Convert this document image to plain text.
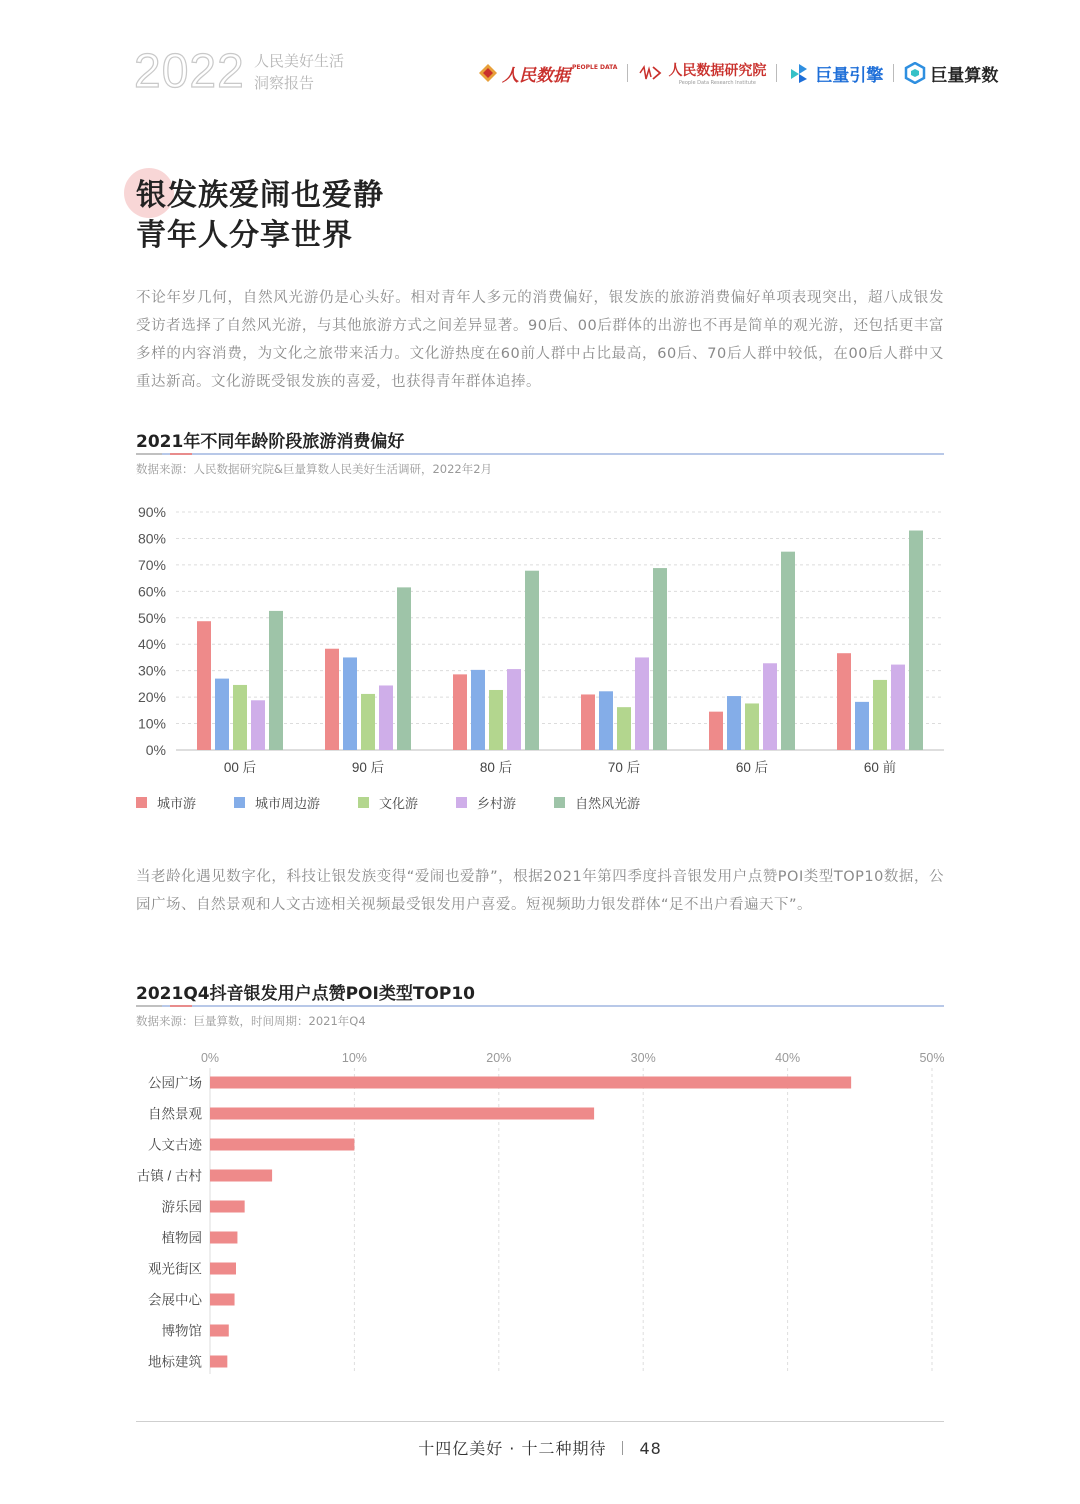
2022 人民美好生活
洞察报告	人民数据 PEOPLE DATA	人民数据研究院
People Data Research Institute	巨量引擎	巨量算数
银发族爱闹也爱静
青年人分享世界
不论年岁几何，自然风光游仍是心头好。相对青年人多元的消费偏好，银发族的旅游消费偏好单项表现突出，超八成银发受访者选择了自然风光游，与其他旅游方式之间差异显著。90后、00后群体的出游也不再是简单的观光游，还包括更丰富多样的内容消费，为文化之旅带来活力。文化游热度在60前人群中占比最高，60后、70后人群中较低，在00后人群中又重达新高。文化游既受银发族的喜爱，也获得青年群体追捧。
2021年不同年龄阶段旅游消费偏好
数据来源：人民数据研究院&巨量算数人民美好生活调研，2022年2月
0%
10%
20%
30%
40%
50%
60%
70%
80%
90%
00 后	90 后	80 后	70 后	60 后	60 前
城市游	城市周边游	文化游	乡村游	自然风光游
当老龄化遇见数字化，科技让银发族变得“爱闹也爱静”，根据2021年第四季度抖音银发用户点赞POI类型TOP10数据，公园广场、自然景观和人文古迹相关视频最受银发用户喜爱。短视频助力银发群体“足不出户看遍天下”。
2021Q4抖音银发用户点赞POI类型TOP10
数据来源：巨量算数，时间周期：2021年Q4
0%	10%	20%	30%	40%	50%
公园广场
自然景观
人文古迹
古镇 / 古村
游乐园
植物园
观光街区
会展中心
博物馆
地标建筑
十四亿美好 · 十二种期待 48
